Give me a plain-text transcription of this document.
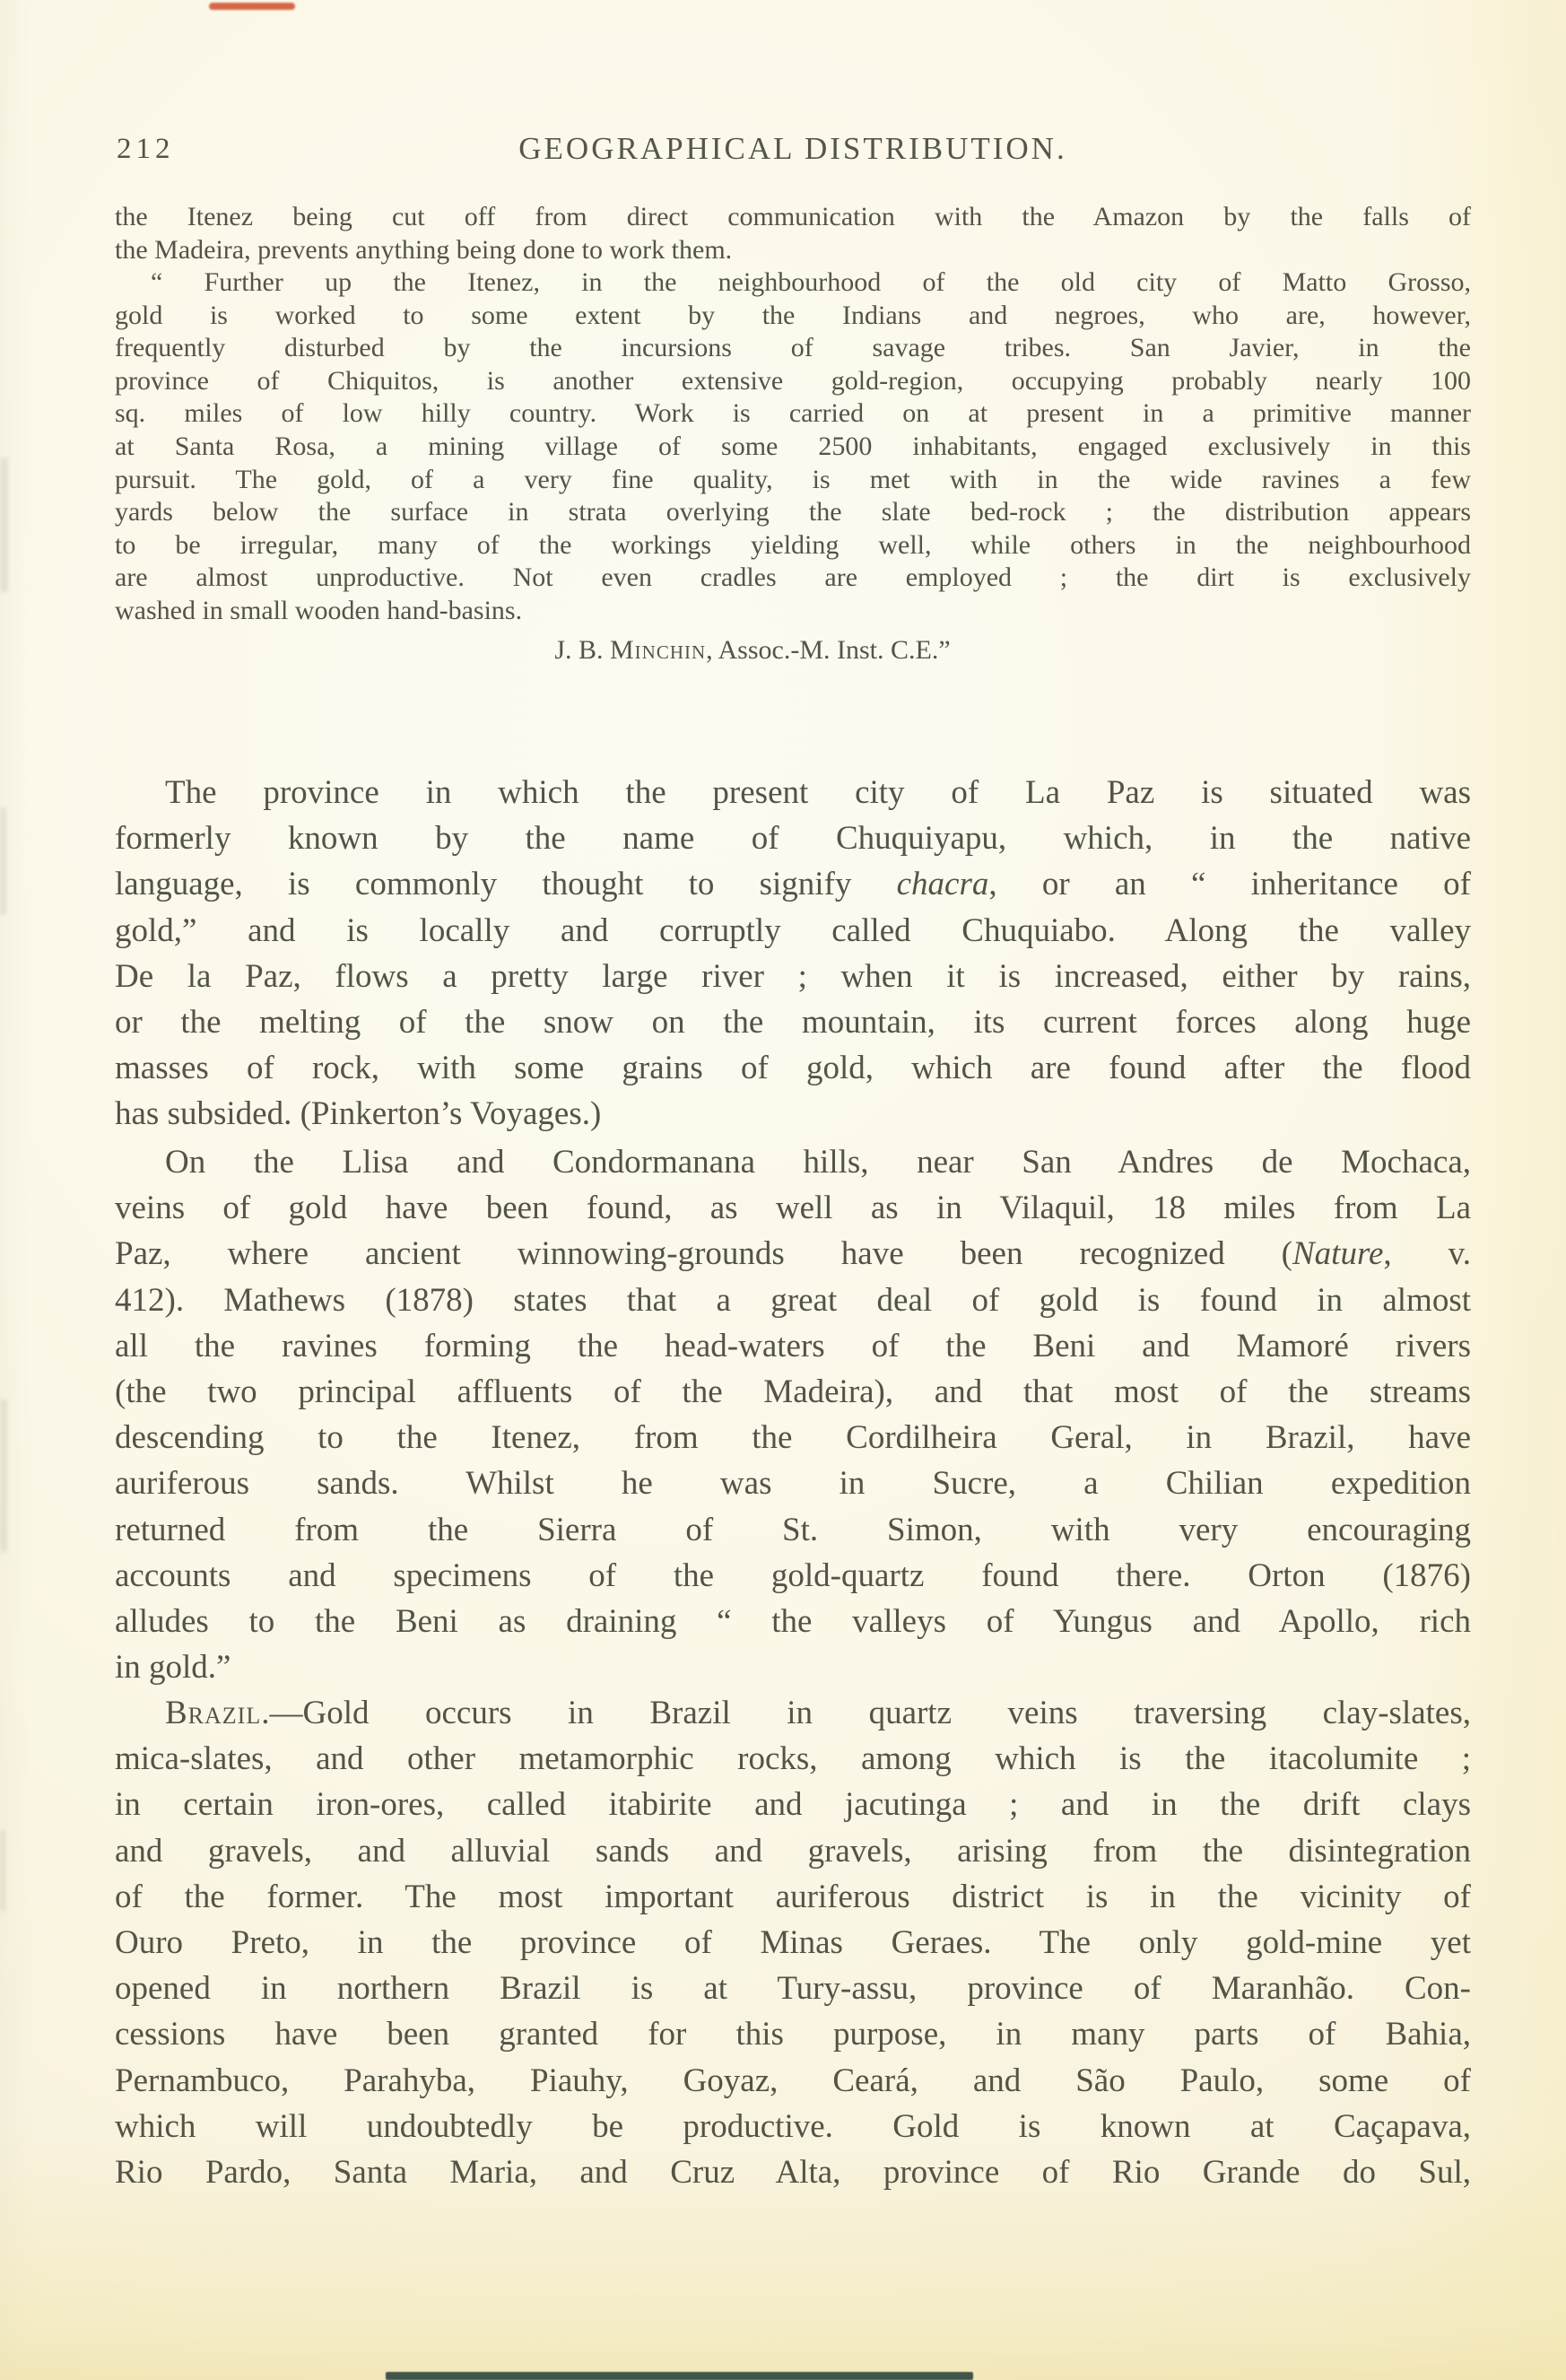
212	GEOGRAPHICAL DISTRIBUTION.
the Itenez being cut off from direct communication with the Amazon by the falls of
the Madeira, prevents anything being done to work them.
“ Further up the Itenez, in the neighbourhood of the old city of Matto Grosso,
gold is worked to some extent by the Indians and negroes, who are, however,
frequently disturbed by the incursions of savage tribes. San Javier, in the
province of Chiquitos, is another extensive gold-region, occupying probably nearly 100
sq. miles of low hilly country. Work is carried on at present in a primitive manner
at Santa Rosa, a mining village of some 2500 inhabitants, engaged exclusively in this
pursuit. The gold, of a very fine quality, is met with in the wide ravines a few
yards below the surface in strata overlying the slate bed-rock ; the distribution appears
to be irregular, many of the workings yielding well, while others in the neighbourhood
are almost unproductive. Not even cradles are employed ; the dirt is exclusively
washed in small wooden hand-basins.
J. B. Minchin, Assoc.-M. Inst. C.E.”
The province in which the present city of La Paz is situated was
formerly known by the name of Chuquiyapu, which, in the native
language, is commonly thought to signify chacra, or an “ inheritance of
gold,” and is locally and corruptly called Chuquiabo. Along the valley
De la Paz, flows a pretty large river ; when it is increased, either by rains,
or the melting of the snow on the mountain, its current forces along huge
masses of rock, with some grains of gold, which are found after the flood
has subsided. (Pinkerton’s Voyages.)
On the Llisa and Condormanana hills, near San Andres de Mochaca,
veins of gold have been found, as well as in Vilaquil, 18 miles from La
Paz, where ancient winnowing-grounds have been recognized (Nature, v.
412). Mathews (1878) states that a great deal of gold is found in almost
all the ravines forming the head-waters of the Beni and Mamoré rivers
(the two principal affluents of the Madeira), and that most of the streams
descending to the Itenez, from the Cordilheira Geral, in Brazil, have
auriferous sands. Whilst he was in Sucre, a Chilian expedition
returned from the Sierra of St. Simon, with very encouraging
accounts and specimens of the gold-quartz found there. Orton (1876)
alludes to the Beni as draining “ the valleys of Yungus and Apollo, rich
in gold.”
Brazil.—Gold occurs in Brazil in quartz veins traversing clay-slates,
mica-slates, and other metamorphic rocks, among which is the itacolumite ;
in certain iron-ores, called itabirite and jacutinga ; and in the drift clays
and gravels, and alluvial sands and gravels, arising from the disintegration
of the former. The most important auriferous district is in the vicinity of
Ouro Preto, in the province of Minas Geraes. The only gold-mine yet
opened in northern Brazil is at Tury-assu, province of Maranhão. Con-
cessions have been granted for this purpose, in many parts of Bahia,
Pernambuco, Parahyba, Piauhy, Goyaz, Ceará, and São Paulo, some of
which will undoubtedly be productive. Gold is known at Caçapava,
Rio Pardo, Santa Maria, and Cruz Alta, province of Rio Grande do Sul,
